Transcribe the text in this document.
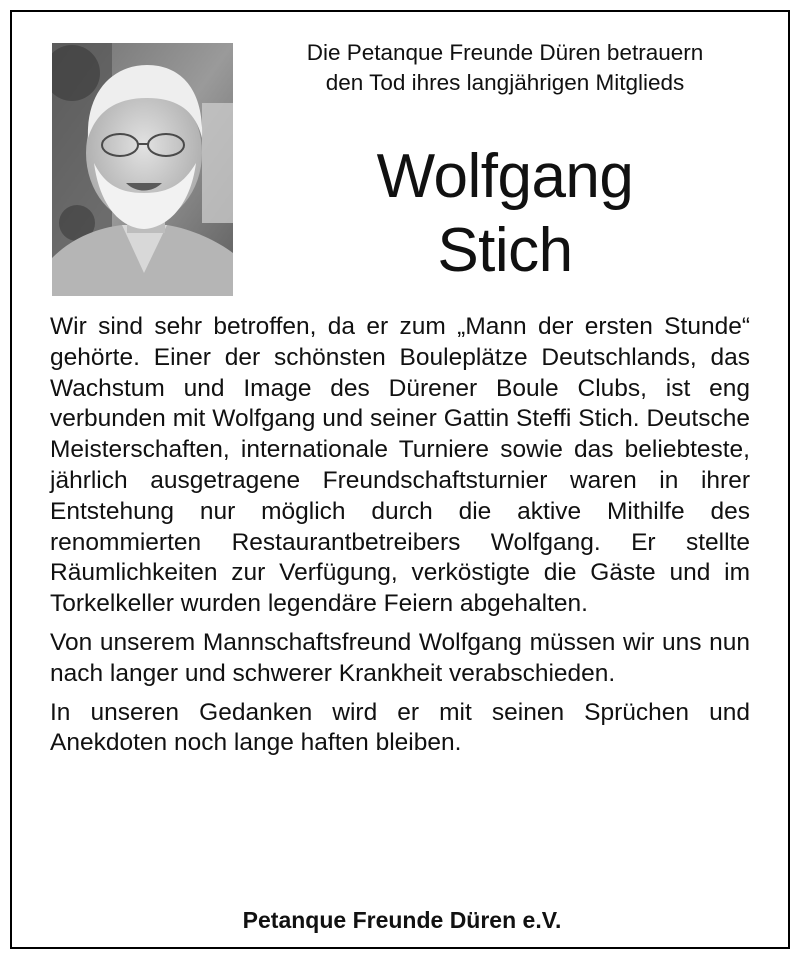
Die Petanque Freunde Düren betrauern
den Tod ihres langjährigen Mitglieds
Wolfgang
Stich

Wir sind sehr betroffen, da er zum „Mann der ersten Stunde“ gehörte. Einer der schönsten Bouleplätze Deutschlands, das Wachstum und Image des Dürener Boule Clubs, ist eng verbunden mit Wolfgang und seiner Gattin Steffi Stich. Deutsche Meisterschaften, internationale Turniere sowie das beliebteste, jährlich ausgetragene Freundschaftsturnier waren in ihrer Entstehung nur möglich durch die aktive Mithilfe des renommierten Restaurantbetreibers Wolfgang. Er stellte Räumlichkeiten zur Verfügung, verköstigte die Gäste und im Torkelkeller wurden legendäre Feiern abgehalten.

Von unserem Mannschaftsfreund Wolfgang müssen wir uns nun nach langer und schwerer Krankheit verabschieden.

In unseren Gedanken wird er mit seinen Sprüchen und Anekdoten noch lange haften bleiben.

Petanque Freunde Düren e.V.
